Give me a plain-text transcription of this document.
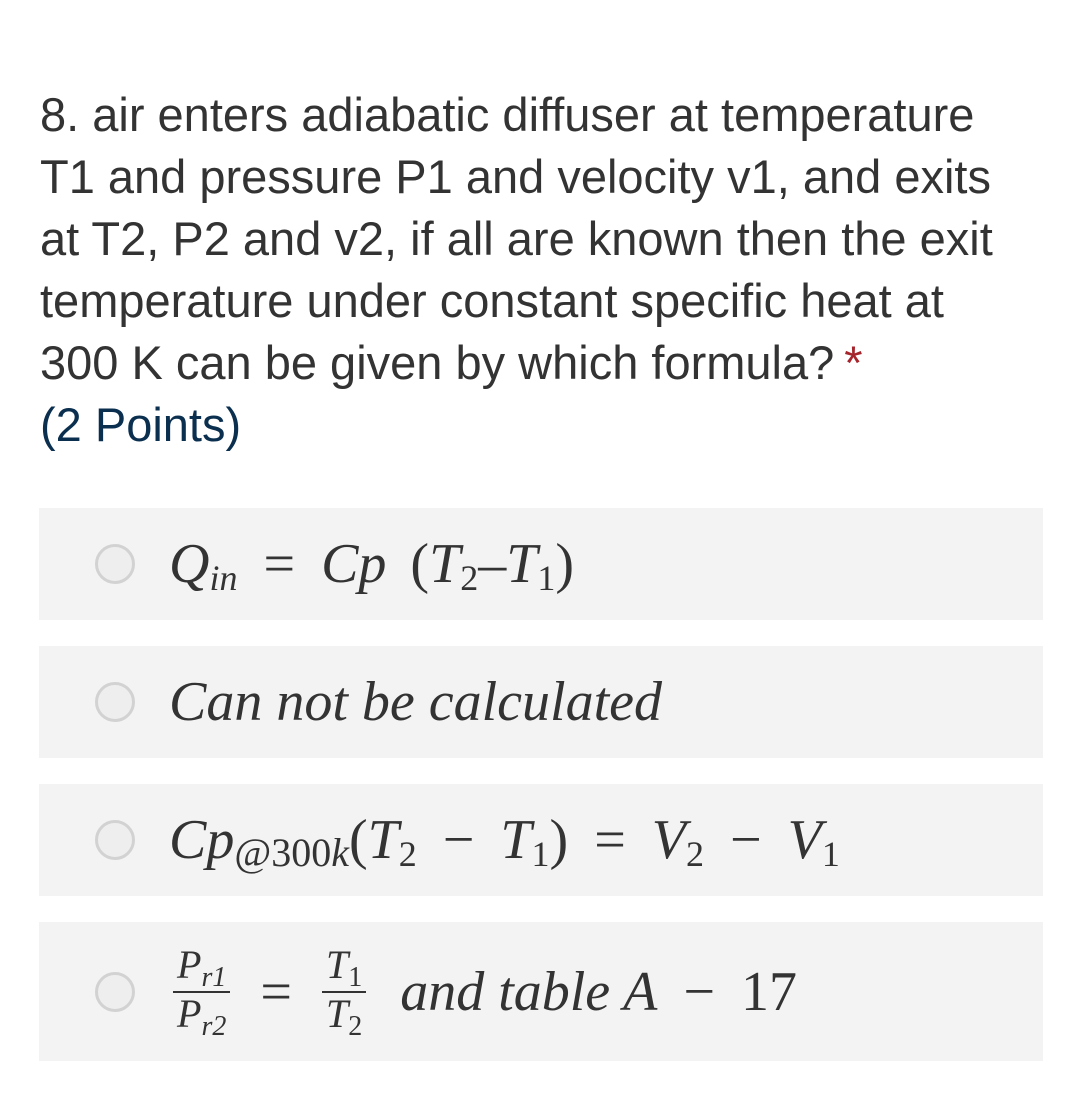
8. air enters adiabatic diffuser at temperature
T1 and pressure P1 and velocity v1, and exits
at T2, P2 and v2, if all are known then the exit
temperature under constant specific heat at
300 K can be given by which formula? *
(2 Points)
Q in = Cp ( T 2 – T 1 )
Can not be calculated
Cp @300 k ( T 2 − T 1 ) = V 2 − V 1
$\frac{P_{r1}}{P_{r2}} = \frac{T_1}{T_2}$ and table A − 17
